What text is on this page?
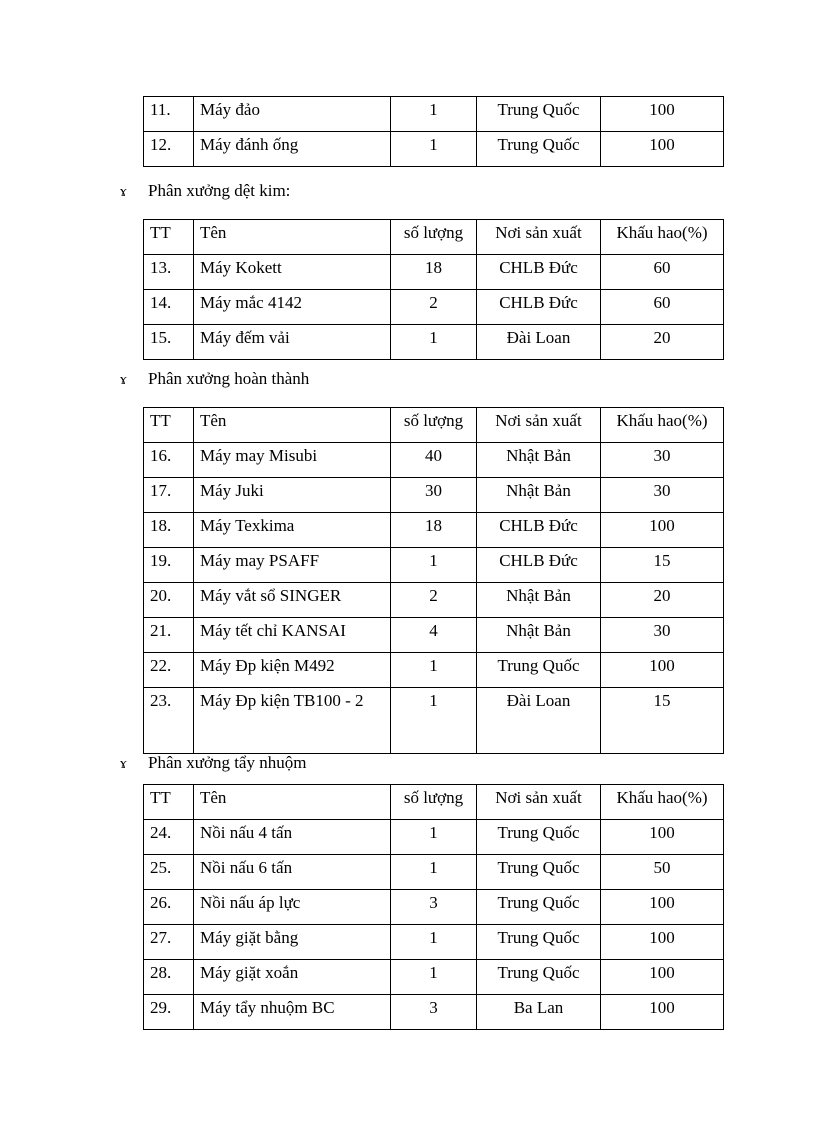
11.	Máy đảo	1	Trung Quốc	100
12.	Máy đánh ống	1	Trung Quốc	100
ɤ Phân xưởng dệt kim:
TT	Tên	số lượng	Nơi sản xuất	Khấu hao(%)
13.	Máy Kokett	18	CHLB Đức	60
14.	Máy mắc 4142	2	CHLB Đức	60
15.	Máy đếm vải	1	Đài Loan	20
ɤ Phân xưởng hoàn thành
TT	Tên	số lượng	Nơi sản xuất	Khấu hao(%)
16.	Máy may Misubi	40	Nhật Bản	30
17.	Máy Juki	30	Nhật Bản	30
18.	Máy Texkima	18	CHLB Đức	100
19.	Máy may PSAFF	1	CHLB Đức	15
20.	Máy vắt sổ SINGER	2	Nhật Bản	20
21.	Máy tết chỉ KANSAI	4	Nhật Bản	30
22.	Máy Đp kiện M492	1	Trung Quốc	100
23.	Máy Đp kiện TB100 - 2	1	Đài Loan	15
ɤ Phân xưởng tẩy nhuộm
TT	Tên	số lượng	Nơi sản xuất	Khấu hao(%)
24.	Nồi nấu 4 tấn	1	Trung Quốc	100
25.	Nồi nấu 6 tấn	1	Trung Quốc	50
26.	Nồi nấu áp lực	3	Trung Quốc	100
27.	Máy giặt bằng	1	Trung Quốc	100
28.	Máy giặt xoắn	1	Trung Quốc	100
29.	Máy tẩy nhuộm BC	3	Ba Lan	100
